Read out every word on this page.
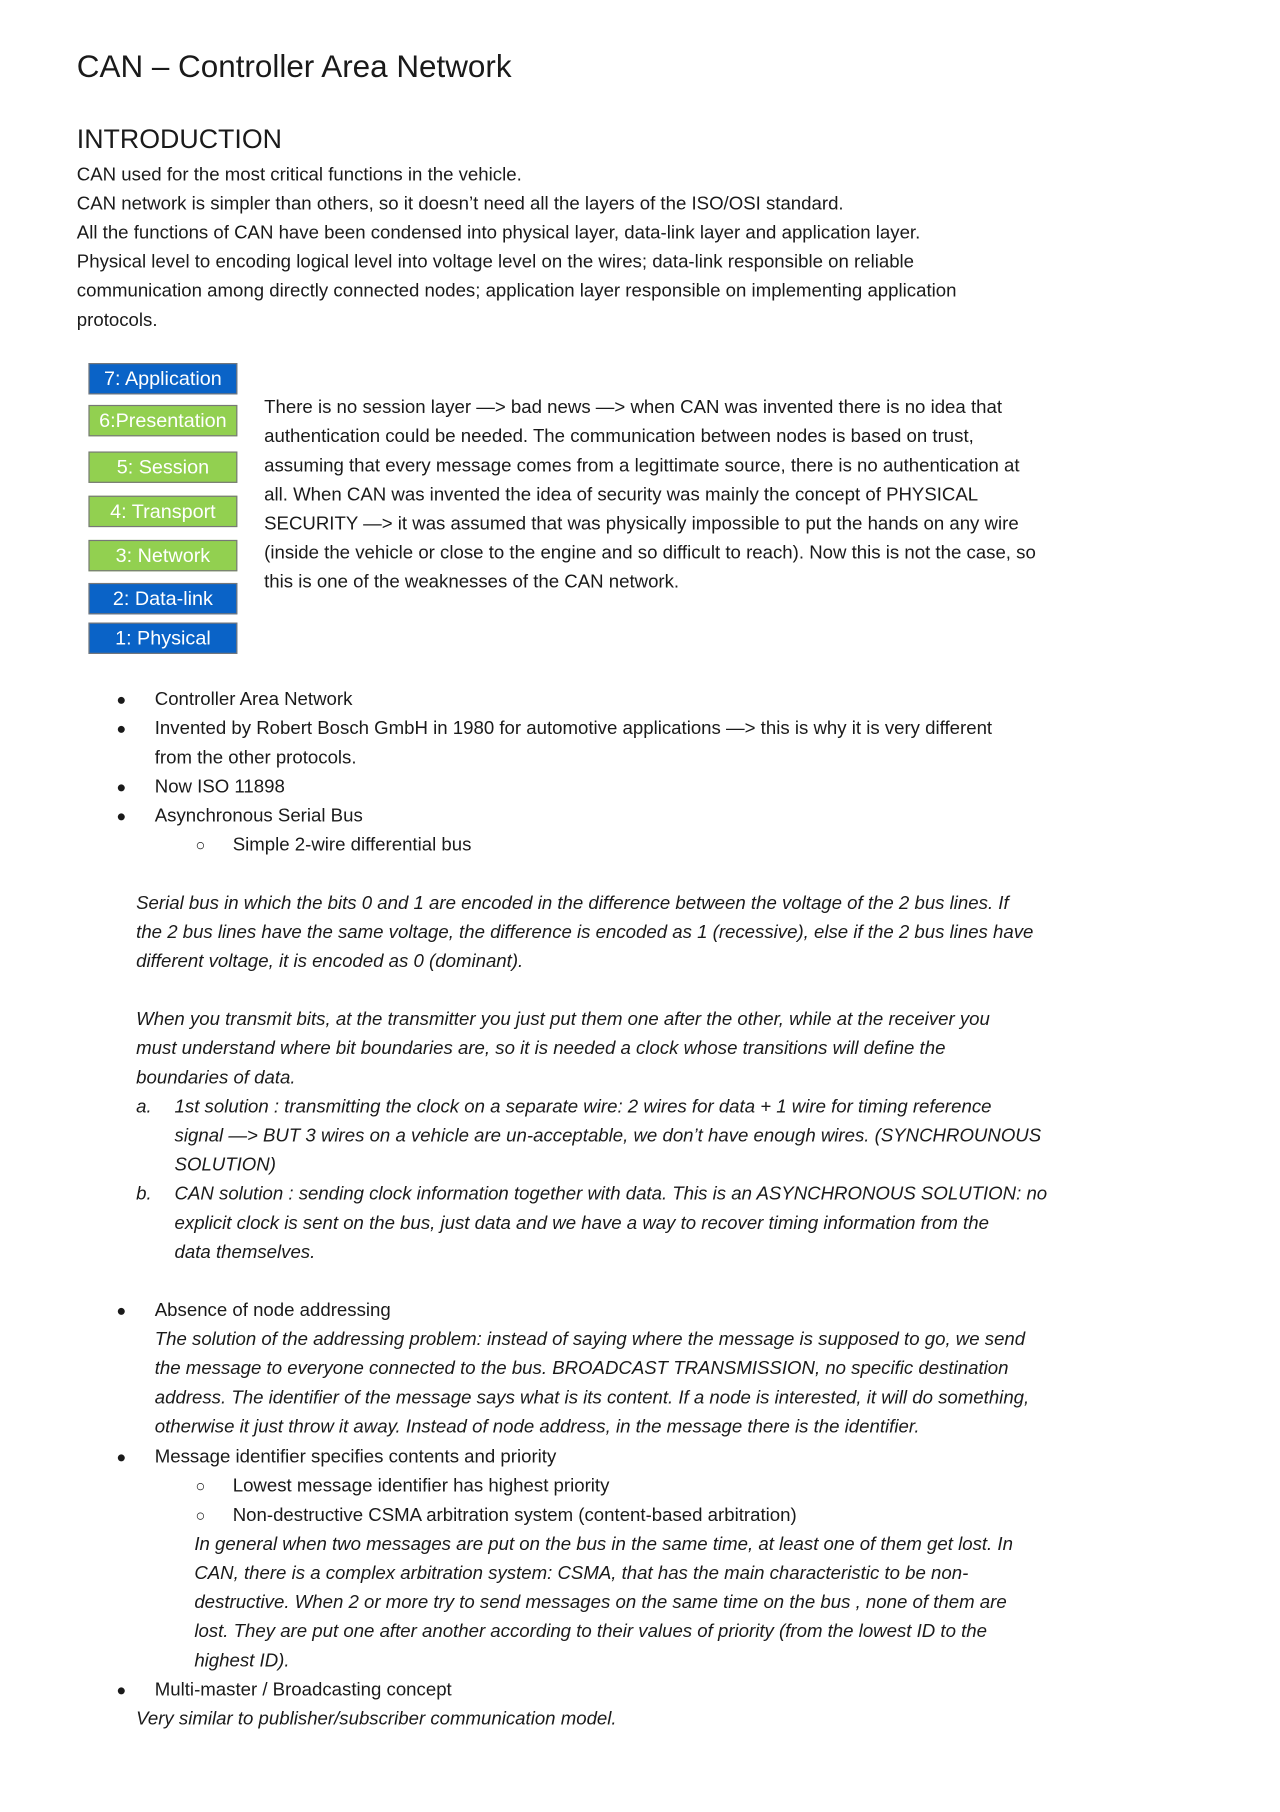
CAN – Controller Area Network
INTRODUCTION
CAN used for the most critical functions in the vehicle.
CAN network is simpler than others, so it doesn’t need all the layers of the ISO/OSI standard.
All the functions of CAN have been condensed into physical layer, data-link layer and application layer.
Physical level to encoding logical level into voltage level on the wires; data-link responsible on reliable
communication among directly connected nodes; application layer responsible on implementing application
protocols.
7: Application
6:Presentation
5: Session
4: Transport
3: Network
2: Data-link
1: Physical
There is no session layer —> bad news —> when CAN was invented there is no idea that
authentication could be needed. The communication between nodes is based on trust,
assuming that every message comes from a legittimate source, there is no authentication at
all. When CAN was invented the idea of security was mainly the concept of PHYSICAL
SECURITY —> it was assumed that was physically impossible to put the hands on any wire
(inside the vehicle or close to the engine and so difficult to reach). Now this is not the case, so
this is one of the weaknesses of the CAN network.
●
●
●
●
○
Controller Area Network
Invented by Robert Bosch GmbH in 1980 for automotive applications —> this is why it is very different
from the other protocols.
Now ISO 11898
Asynchronous Serial Bus
Simple 2-wire differential bus
Serial bus in which the bits 0 and 1 are encoded in the difference between the voltage of the 2 bus lines. If
the 2 bus lines have the same voltage, the difference is encoded as 1 (recessive), else if the 2 bus lines have
different voltage, it is encoded as 0 (dominant).
When you transmit bits, at the transmitter you just put them one after the other, while at the receiver you
must understand where bit boundaries are, so it is needed a clock whose transitions will define the
boundaries of data.
a. 1st solution : transmitting the clock on a separate wire: 2 wires for data + 1 wire for timing reference
signal —> BUT 3 wires on a vehicle are un-acceptable, we don’t have enough wires. (SYNCHROUNOUS
SOLUTION)
b. CAN solution : sending clock information together with data. This is an ASYNCHRONOUS SOLUTION: no
explicit clock is sent on the bus, just data and we have a way to recover timing information from the
data themselves.
● Absence of node addressing
The solution of the addressing problem: instead of saying where the message is supposed to go, we send
the message to everyone connected to the bus. BROADCAST TRANSMISSION, no specific destination
address. The identifier of the message says what is its content. If a node is interested, it will do something,
otherwise it just throw it away. Instead of node address, in the message there is the identifier.
● Message identifier specifies contents and priority
○ Lowest message identifier has highest priority
○ Non-destructive CSMA arbitration system (content-based arbitration)
In general when two messages are put on the bus in the same time, at least one of them get lost. In
CAN, there is a complex arbitration system: CSMA, that has the main characteristic to be non-
destructive. When 2 or more try to send messages on the same time on the bus , none of them are
lost. They are put one after another according to their values of priority (from the lowest ID to the
highest ID).
● Multi-master / Broadcasting concept
Very similar to publisher/subscriber communication model.
